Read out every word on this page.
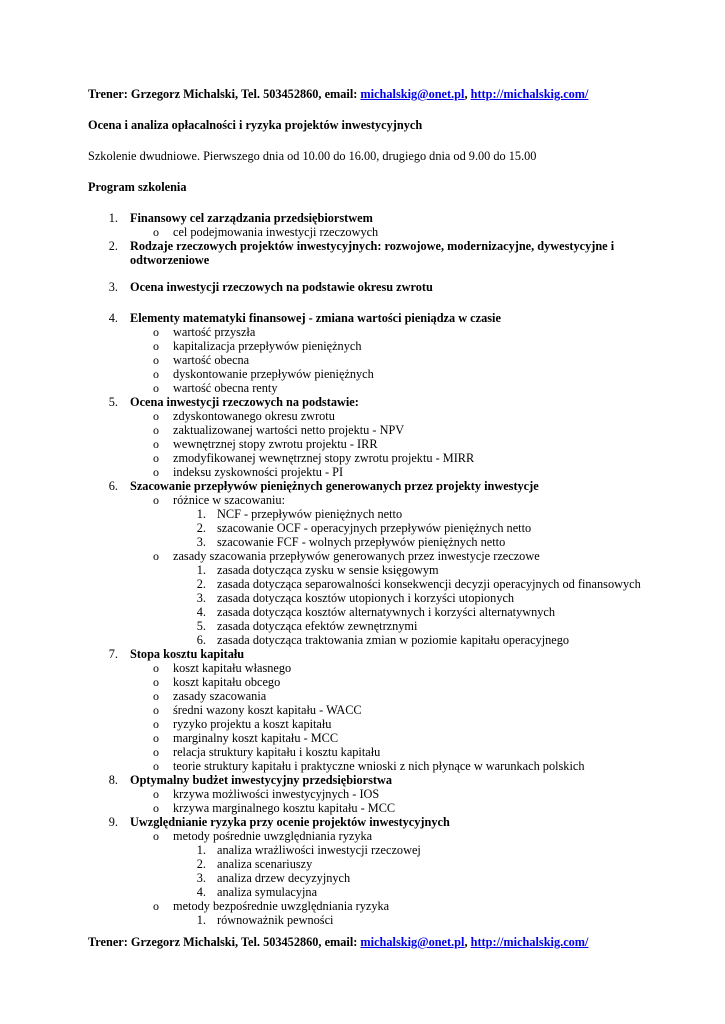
Trener: Grzegorz Michalski, Tel. 503452860, email: michalskig@onet.pl, http://michalskig.com/
Ocena i analiza opłacalności i ryzyka projektów inwestycyjnych
Szkolenie dwudniowe. Pierwszego dnia od 10.00 do 16.00, drugiego dnia od 9.00 do 15.00
Program szkolenia
1. Finansowy cel zarządzania przedsiębiorstwem
o cel podejmowania inwestycji rzeczowych
2. Rodzaje rzeczowych projektów inwestycyjnych: rozwojowe, modernizacyjne, dywestycyjne i
odtworzeniowe
3. Ocena inwestycji rzeczowych na podstawie okresu zwrotu
4. Elementy matematyki finansowej - zmiana wartości pieniądza w czasie
o wartość przyszła
o kapitalizacja przepływów pieniężnych
o wartość obecna
o dyskontowanie przepływów pieniężnych
o wartość obecna renty
5. Ocena inwestycji rzeczowych na podstawie:
o zdyskontowanego okresu zwrotu
o zaktualizowanej wartości netto projektu - NPV
o wewnętrznej stopy zwrotu projektu - IRR
o zmodyfikowanej wewnętrznej stopy zwrotu projektu - MIRR
o indeksu zyskowności projektu - PI
6. Szacowanie przepływów pieniężnych generowanych przez projekty inwestycje
o różnice w szacowaniu:
1. NCF - przepływów pieniężnych netto
2. szacowanie OCF - operacyjnych przepływów pieniężnych netto
3. szacowanie FCF - wolnych przepływów pieniężnych netto
o zasady szacowania przepływów generowanych przez inwestycje rzeczowe
1. zasada dotycząca zysku w sensie księgowym
2. zasada dotycząca separowalności konsekwencji decyzji operacyjnych od finansowych
3. zasada dotycząca kosztów utopionych i korzyści utopionych
4. zasada dotycząca kosztów alternatywnych i korzyści alternatywnych
5. zasada dotycząca efektów zewnętrznymi
6. zasada dotycząca traktowania zmian w poziomie kapitału operacyjnego
7. Stopa kosztu kapitału
o koszt kapitału własnego
o koszt kapitału obcego
o zasady szacowania
o średni wazony koszt kapitału - WACC
o ryzyko projektu a koszt kapitału
o marginalny koszt kapitału - MCC
o relacja struktury kapitału i kosztu kapitału
o teorie struktury kapitału i praktyczne wnioski z nich płynące w warunkach polskich
8. Optymalny budżet inwestycyjny przedsiębiorstwa
o krzywa możliwości inwestycyjnych - IOS
o krzywa marginalnego kosztu kapitału - MCC
9. Uwzględnianie ryzyka przy ocenie projektów inwestycyjnych
o metody pośrednie uwzględniania ryzyka
1. analiza wrażliwości inwestycji rzeczowej
2. analiza scenariuszy
3. analiza drzew decyzyjnych
4. analiza symulacyjna
o metody bezpośrednie uwzględniania ryzyka
1. równoważnik pewności
Trener: Grzegorz Michalski, Tel. 503452860, email: michalskig@onet.pl, http://michalskig.com/
